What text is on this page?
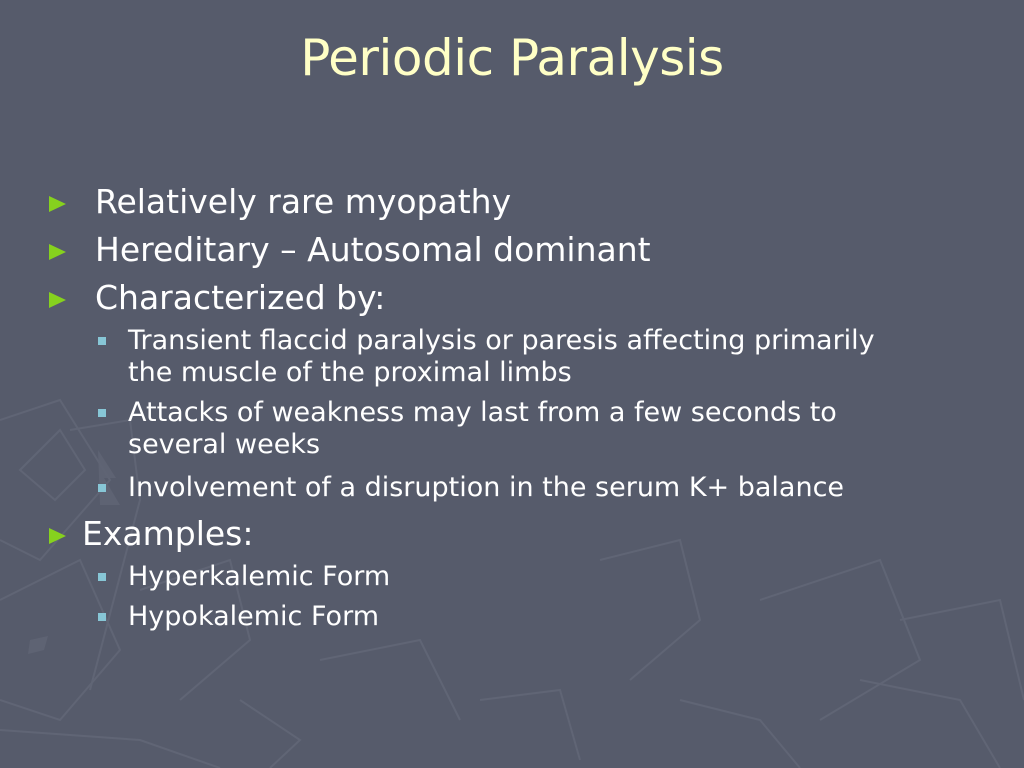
Periodic Paralysis
Relatively rare myopathy
Hereditary – Autosomal dominant
Characterized by:
Transient flaccid paralysis or paresis affecting primarily
the muscle of the proximal limbs
Attacks of weakness may last from a few seconds to
several weeks
Involvement of a disruption in the serum K+ balance
Examples:
Hyperkalemic Form
Hypokalemic Form
